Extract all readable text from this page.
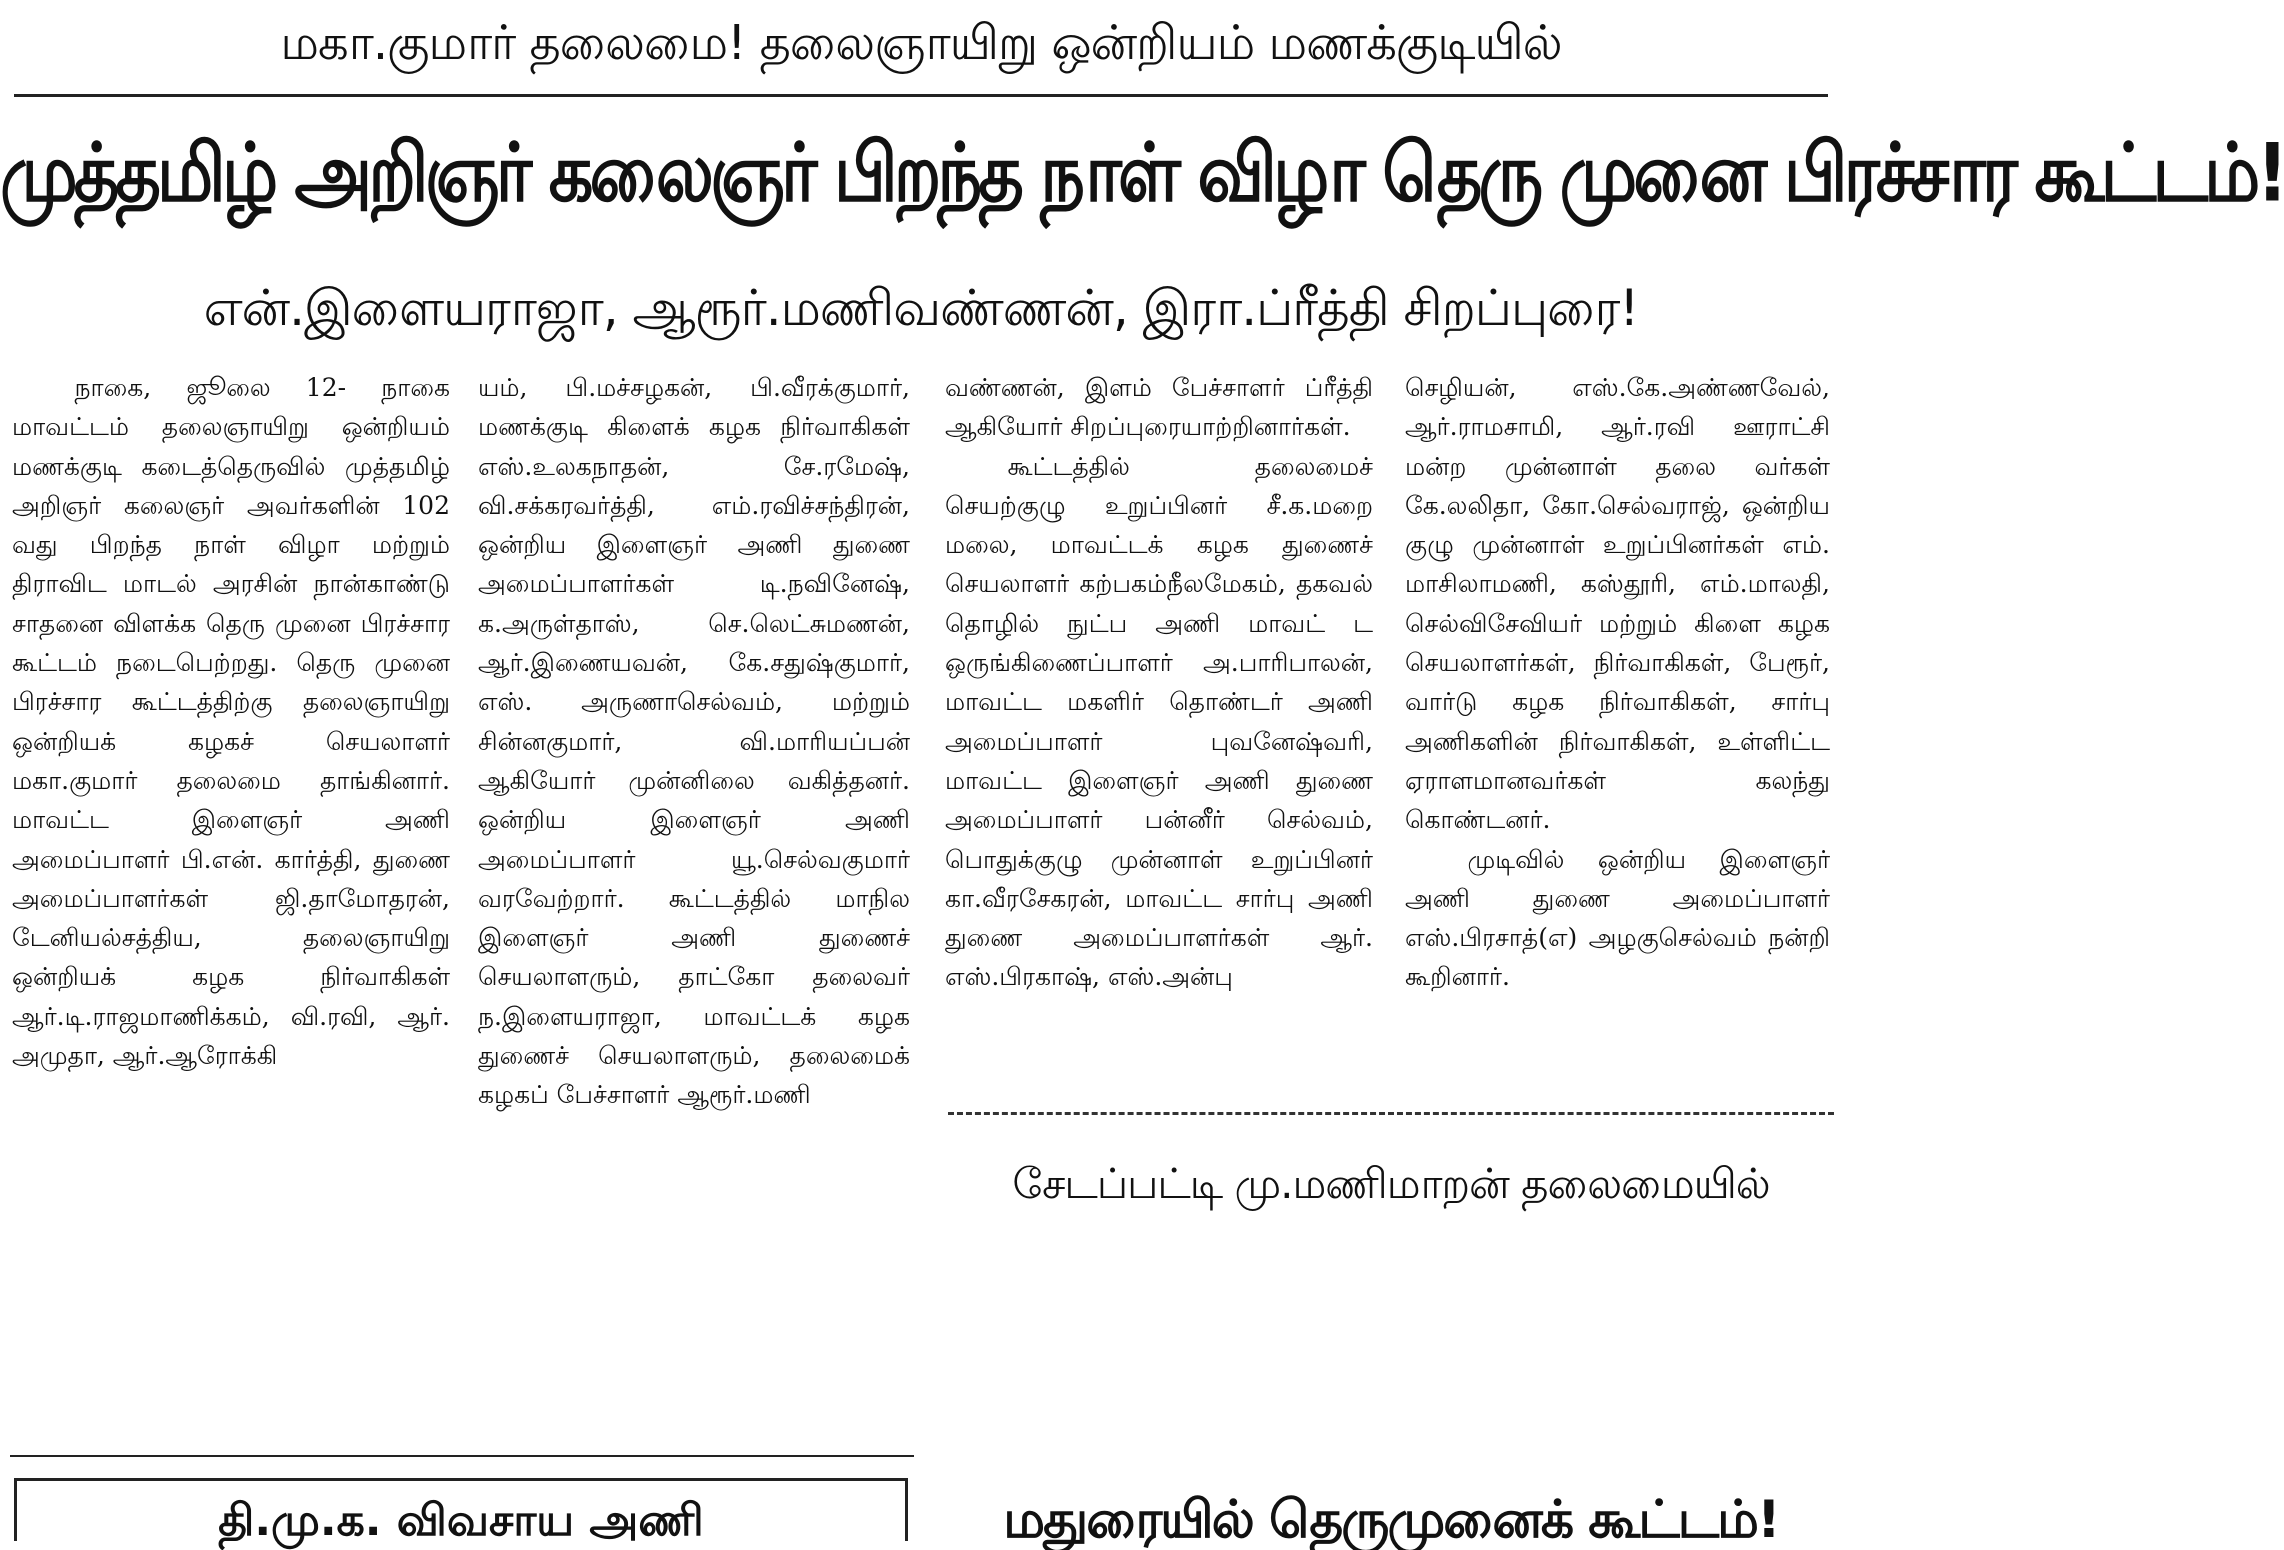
மகா.குமார் தலைமை! தலைஞாயிறு ஒன்றியம் மணக்குடியில்
முத்தமிழ் அறிஞர் கலைஞர் பிறந்த நாள் விழா தெரு முனை பிரச்சார கூட்டம்!
என்.இளையராஜா, ஆரூர்.மணிவண்ணன், இரா.ப்ரீத்தி சிறப்புரை!

நாகை, ஜூலை 12- நாகை மாவட்டம் தலைஞாயிறு ஒன்றியம் மணக்குடி கடைத்தெருவில் முத்தமிழ் அறிஞர் கலைஞர் அவர்களின் 102 வது பிறந்த நாள் விழா மற்றும் திராவிட மாடல் அரசின் நான்காண்டு சாதனை விளக்க தெரு முனை பிரச்சார கூட்டம் நடைபெற்றது. தெரு முனை பிரச்சார கூட்டத்திற்கு தலைஞாயிறு ஒன்றியக் கழகச் செயலாளர் மகா.குமார் தலைமை தாங்கினார். மாவட்ட இளைஞர் அணி அமைப்பாளர் பி.என். கார்த்தி, துணை அமைப்பாளர்கள் ஜி.தாமோதரன், டேனியல்சத்திய, தலைஞாயிறு ஒன்றியக் கழக நிர்வாகிகள் ஆர்.டி.ராஜமாணிக்கம், வி.ரவி, ஆர். அமுதா, ஆர்.ஆரோக்கி

யம், பி.மச்சழகன், பி.வீரக்குமார், மணக்குடி கிளைக் கழக நிர்வாகிகள் எஸ்.உலகநாதன், சே.ரமேஷ், வி.சக்கரவர்த்தி, எம்.ரவிச்சந்திரன், ஒன்றிய இளைஞர் அணி துணை அமைப்பாளர்கள் டி.நவினேஷ், க.அருள்தாஸ், செ.லெட்சுமணன், ஆர்.இணையவன், கே.சதுஷ்குமார், எஸ். அருணாசெல்வம், மற்றும் சின்னகுமார், வி.மாரியப்பன் ஆகியோர் முன்னிலை வகித்தனர். ஒன்றிய இளைஞர் அணி அமைப்பாளர் யூ.செல்வகுமார் வரவேற்றார். கூட்டத்தில் மாநில இளைஞர் அணி துணைச் செயலாளரும், தாட்கோ தலைவர் ந.இளையராஜா, மாவட்டக் கழக துணைச் செயலாளரும், தலைமைக் கழகப் பேச்சாளர் ஆரூர்.மணி

வண்ணன், இளம் பேச்சாளர் ப்ரீத்தி ஆகியோர் சிறப்புரையாற்றினார்கள்.

கூட்டத்தில் தலைமைச் செயற்குழு உறுப்பினர் சீ.க.மறை மலை, மாவட்டக் கழக துணைச் செயலாளர் கற்பகம்நீலமேகம், தகவல் தொழில் நுட்ப அணி மாவட் ட ஒருங்கிணைப்பாளர் அ.பாரிபாலன், மாவட்ட மகளிர் தொண்டர் அணி அமைப்பாளர் புவனேஷ்வரி, மாவட்ட இளைஞர் அணி துணை அமைப்பாளர் பன்னீர் செல்வம், பொதுக்குழு முன்னாள் உறுப்பினர் கா.வீரசேகரன், மாவட்ட சார்பு அணி துணை அமைப்பாளர்கள் ஆர். எஸ்.பிரகாஷ், எஸ்.அன்பு

செழியன், எஸ்.கே.அண்ணவேல், ஆர்.ராமசாமி, ஆர்.ரவி ஊராட்சி மன்ற முன்னாள் தலை வர்கள் கே.லலிதா, கோ.செல்வராஜ், ஒன்றிய குழு முன்னாள் உறுப்பினர்கள் எம். மாசிலாமணி, கஸ்தூரி, எம்.மாலதி, செல்விசேவியர் மற்றும் கிளை கழக செயலாளர்கள், நிர்வாகிகள், பேரூர், வார்டு கழக நிர்வாகிகள், சார்பு அணிகளின் நிர்வாகிகள், உள்ளிட்ட ஏராளமானவர்கள் கலந்து கொண்டனர்.

முடிவில் ஒன்றிய இளைஞர் அணி துணை அமைப்பாளர் எஸ்.பிரசாத்(எ) அழகுசெல்வம் நன்றி கூறினார்.

சேடப்பட்டி மு.மணிமாறன் தலைமையில்
தி.மு.க. விவசாய அணி	மதுரையில் தெருமுனைக் கூட்டம்!
